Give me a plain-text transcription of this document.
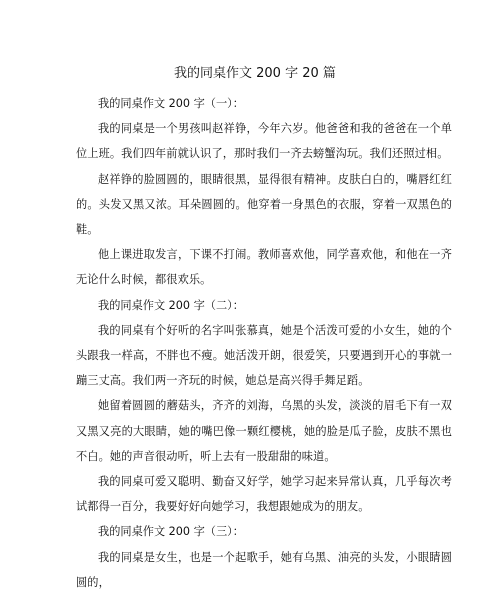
我的同桌作文 200 字 20 篇
我的同桌作文 200 字（一）：

我的同桌是一个男孩叫赵祥铮，今年六岁。他爸爸和我的爸爸在一个单位上班。我们四年前就认识了，那时我们一齐去螃蟹沟玩。我们还照过相。

赵祥铮的脸圆圆的，眼睛很黑，显得很有精神。皮肤白白的，嘴唇红红的。头发又黑又浓。耳朵圆圆的。他穿着一身黑色的衣服，穿着一双黑色的鞋。

他上课进取发言，下课不打闹。教师喜欢他，同学喜欢他，和他在一齐无论什么时候，都很欢乐。

我的同桌作文 200 字（二）：

我的同桌有个好听的名字叫张慕真，她是个活泼可爱的小女生，她的个头跟我一样高，不胖也不瘦。她活泼开朗，很爱笑，只要遇到开心的事就一蹦三丈高。我们两一齐玩的时候，她总是高兴得手舞足蹈。

她留着圆圆的蘑菇头，齐齐的刘海，乌黑的头发，淡淡的眉毛下有一双又黑又亮的大眼睛，她的嘴巴像一颗红樱桃，她的脸是瓜子脸，皮肤不黑也不白。她的声音很动听，听上去有一股甜甜的味道。

我的同桌可爱又聪明、勤奋又好学，她学习起来异常认真，几乎每次考试都得一百分，我要好好向她学习，我想跟她成为的朋友。

我的同桌作文 200 字（三）：

我的同桌是女生，也是一个起歌手，她有乌黑、油亮的头发，小眼睛圆圆的，
